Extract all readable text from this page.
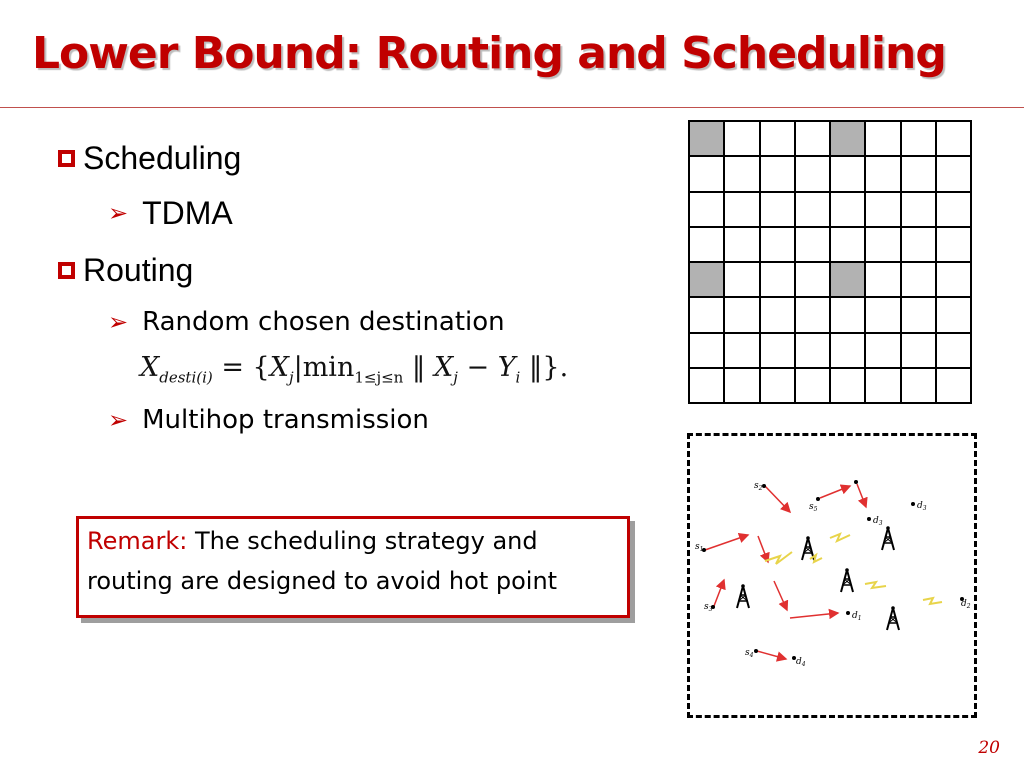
Lower Bound: Routing and Scheduling
Scheduling
➢ TDMA
Routing
➢ Random chosen destination
$X_{desti(i)} = \{X_j|\min_{1\le j\le n}$ ‖ $X_j - Y_i$ ‖}.
➢ Multihop transmission
Remark: The scheduling strategy and routing are designed to avoid hot point
$s_2$
$s_5$
$d_3$
$d_3$
$s_1$
$s_3$
$d_1$
$d_2$
$s_4$
$d_4$
20
